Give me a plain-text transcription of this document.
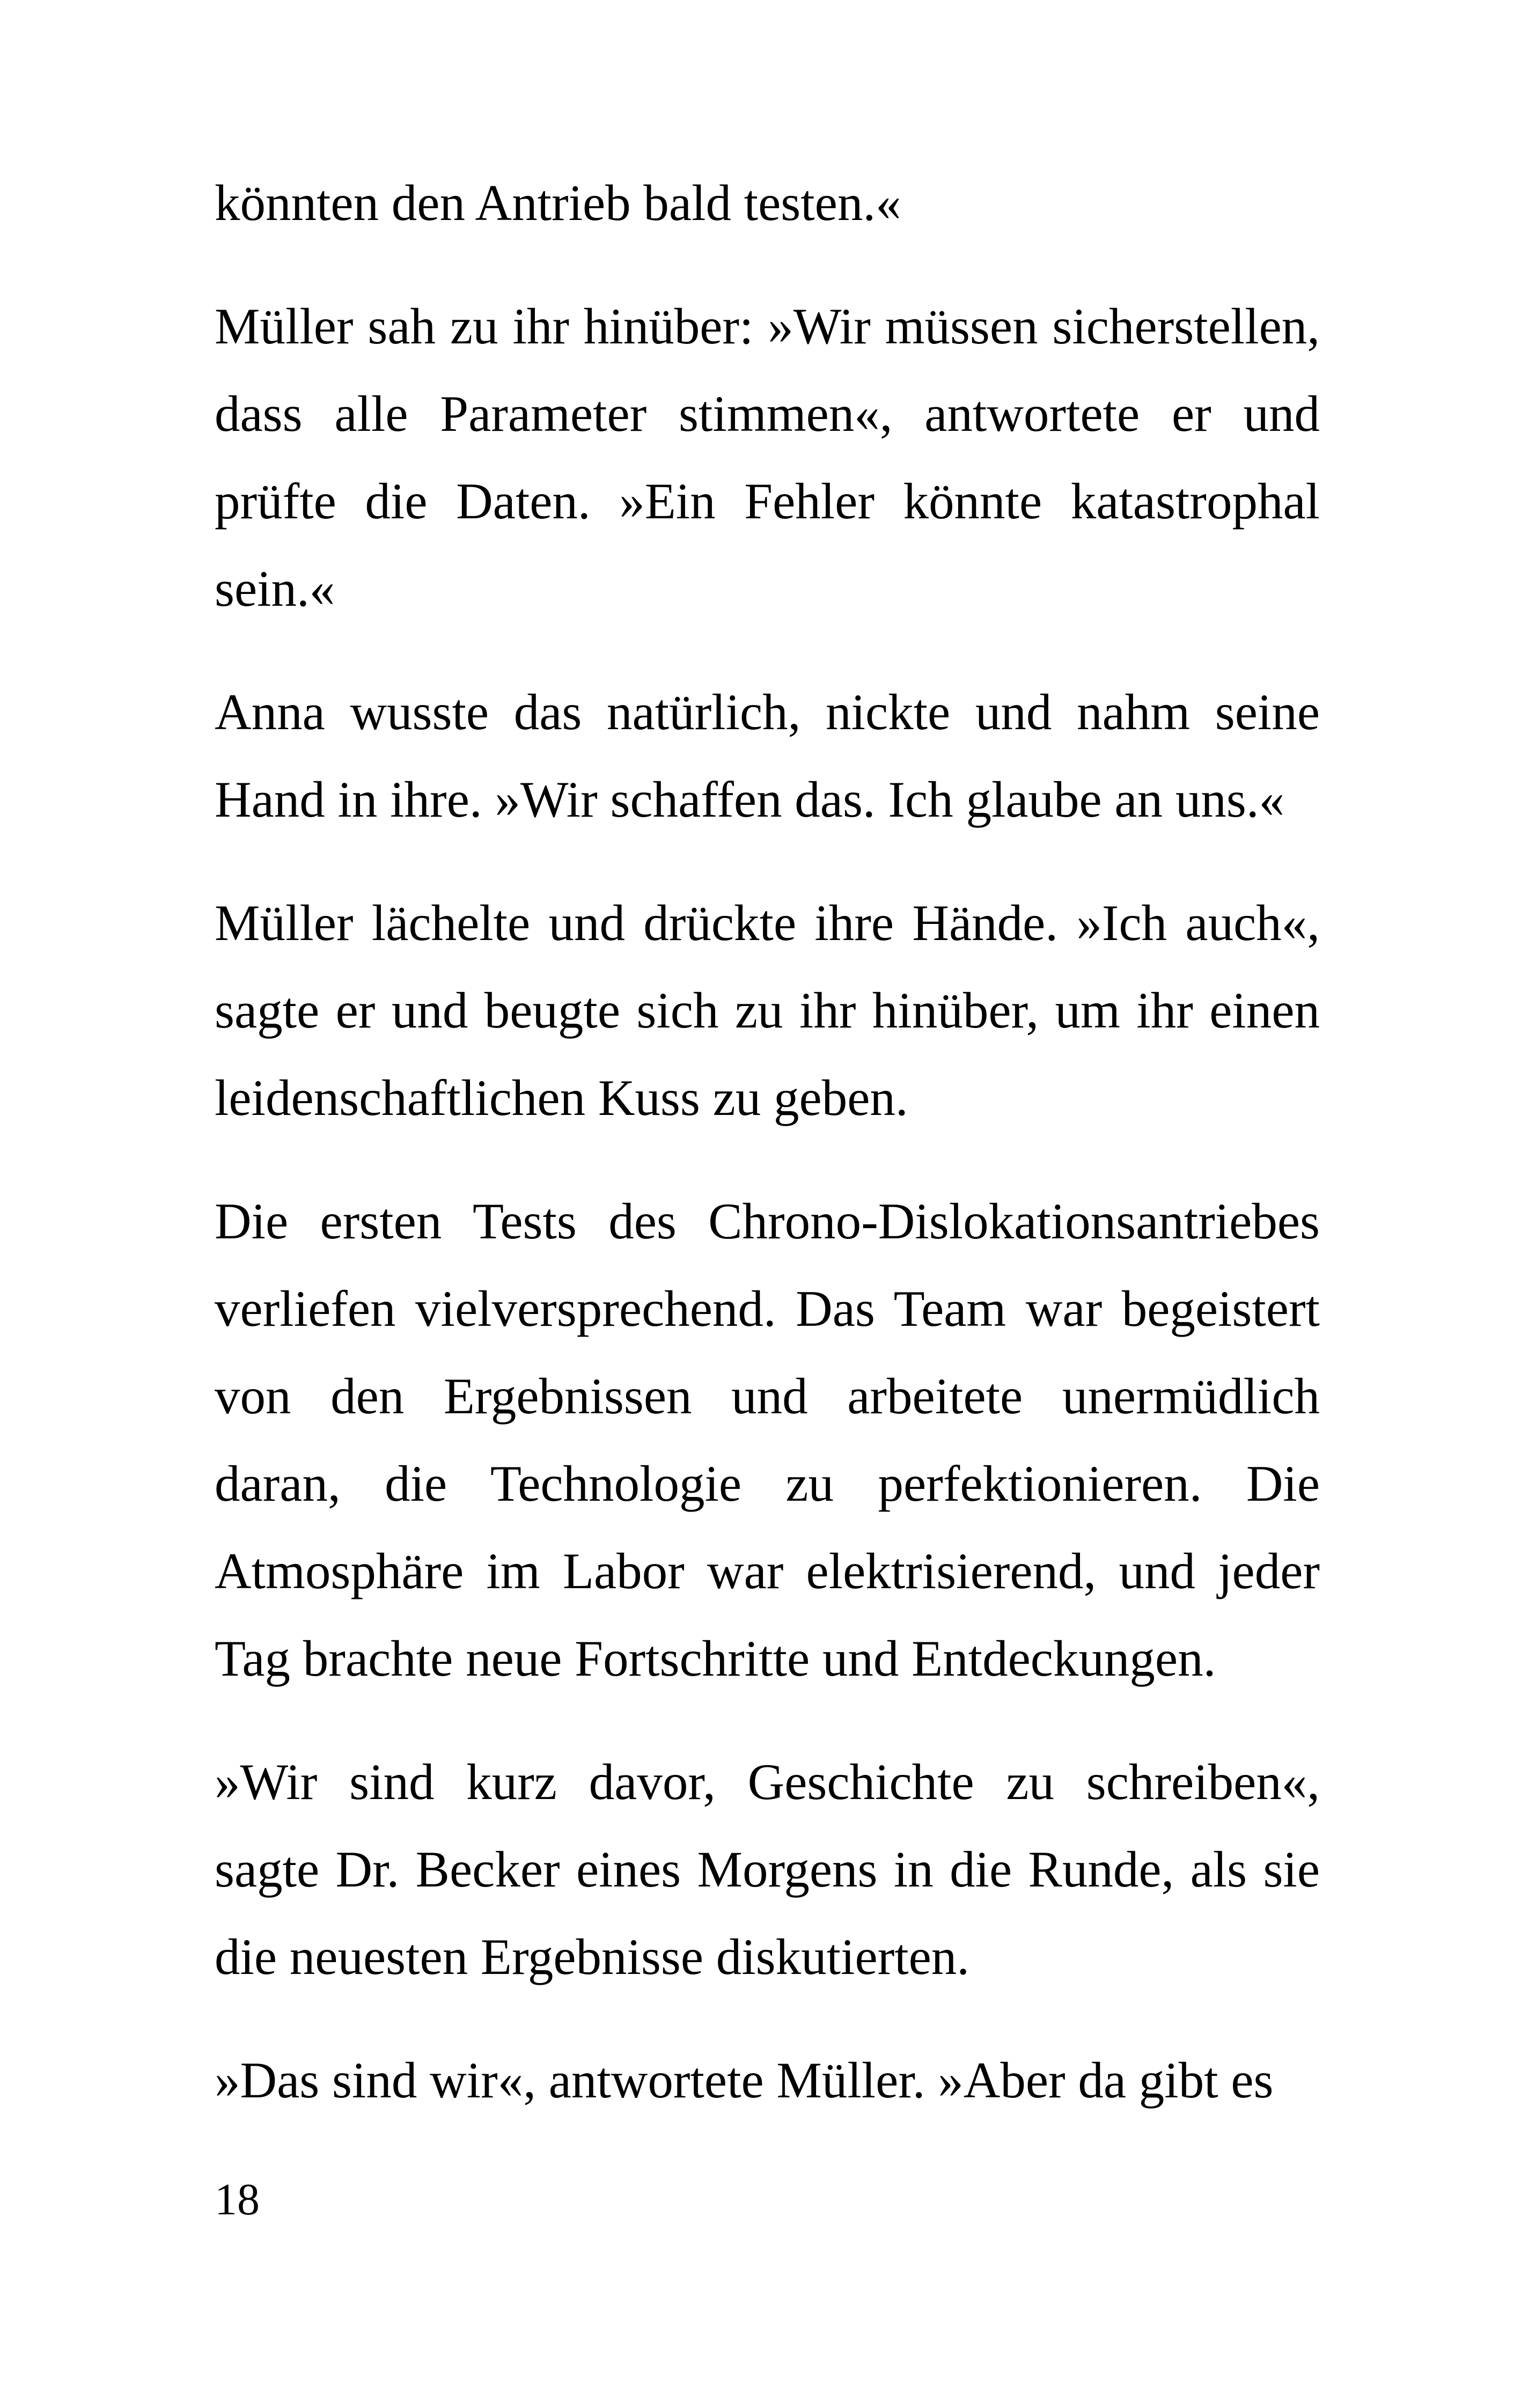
könnten den Antrieb bald testen.«

Müller sah zu ihr hinüber: »Wir müssen sicherstellen, dass alle Parameter stimmen«, antwortete er und prüfte die Daten. »Ein Fehler könnte katastrophal sein.«

Anna wusste das natürlich, nickte und nahm seine Hand in ihre. »Wir schaffen das. Ich glaube an uns.«

Müller lächelte und drückte ihre Hände. »Ich auch«, sagte er und beugte sich zu ihr hinüber, um ihr einen leidenschaftlichen Kuss zu geben.

Die ersten Tests des Chrono-Dislokationsantriebes verliefen vielversprechend. Das Team war begeistert von den Ergebnissen und arbeitete unermüdlich daran, die Technologie zu perfektionieren. Die Atmosphäre im Labor war elektrisierend, und jeder Tag brachte neue Fortschritte und Entdeckungen.

»Wir sind kurz davor, Geschichte zu schreiben«, sagte Dr. Becker eines Morgens in die Runde, als sie die neuesten Ergebnisse diskutierten.

»Das sind wir«, antwortete Müller. »Aber da gibt es

18
